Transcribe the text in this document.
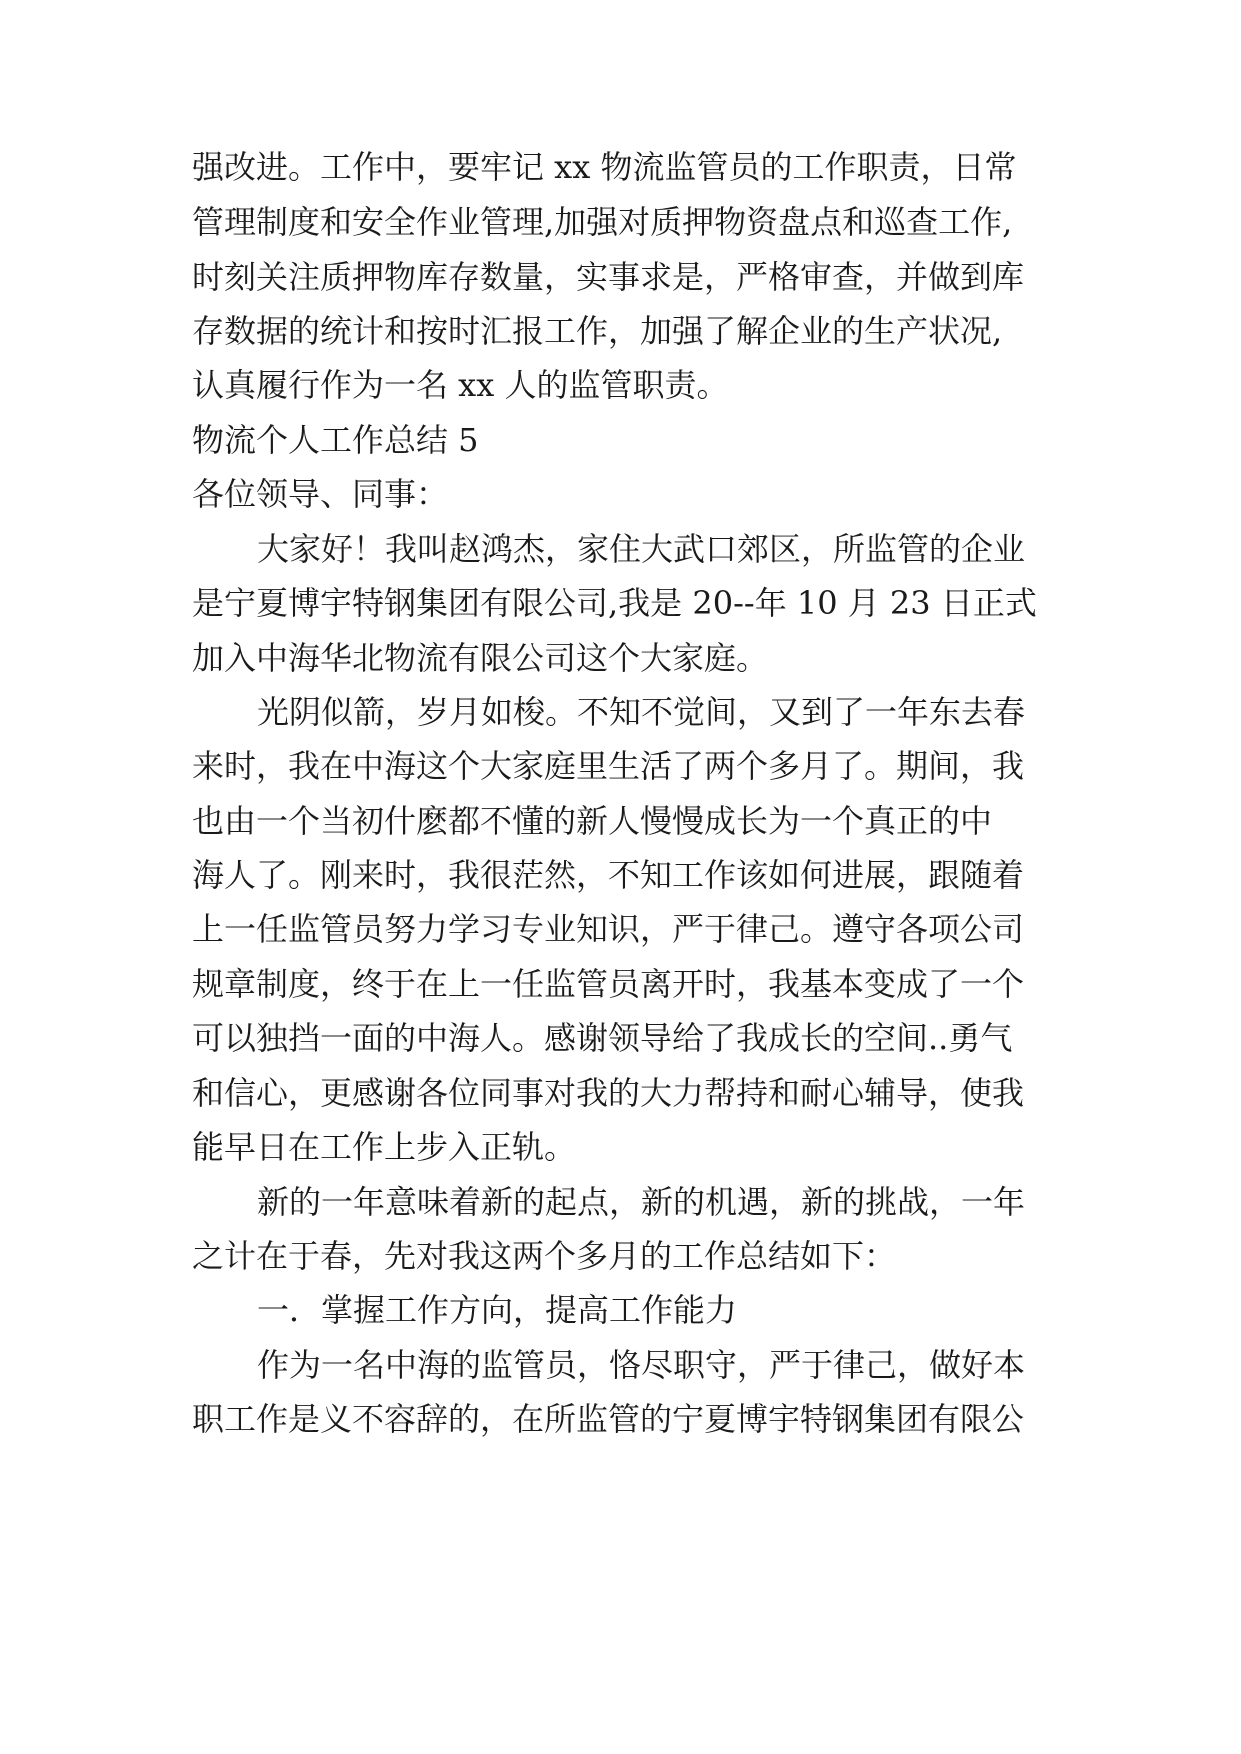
强改进。工作中，要牢记 xx 物流监管员的工作职责，日常
管理制度和安全作业管理,加强对质押物资盘点和巡查工作,
时刻关注质押物库存数量，实事求是，严格审查，并做到库
存数据的统计和按时汇报工作，加强了解企业的生产状况,
认真履行作为一名 xx 人的监管职责。
物流个人工作总结 5
各位领导、同事：
大家好！我叫赵鸿杰，家住大武口郊区，所监管的企业
是宁夏博宇特钢集团有限公司,我是 20--年 10 月 23 日正式
加入中海华北物流有限公司这个大家庭。
光阴似箭，岁月如梭。不知不觉间，又到了一年东去春
来时，我在中海这个大家庭里生活了两个多月了。期间，我
也由一个当初什麽都不懂的新人慢慢成长为一个真正的中
海人了。刚来时，我很茫然，不知工作该如何进展，跟随着
上一任监管员努力学习专业知识，严于律己。遵守各项公司
规章制度，终于在上一任监管员离开时，我基本变成了一个
可以独挡一面的中海人。感谢领导给了我成长的空间..勇气
和信心，更感谢各位同事对我的大力帮持和耐心辅导，使我
能早日在工作上步入正轨。
新的一年意味着新的起点，新的机遇，新的挑战，一年
之计在于春，先对我这两个多月的工作总结如下：
一．掌握工作方向，提高工作能力
作为一名中海的监管员，恪尽职守，严于律己，做好本
职工作是义不容辞的，在所监管的宁夏博宇特钢集团有限公
